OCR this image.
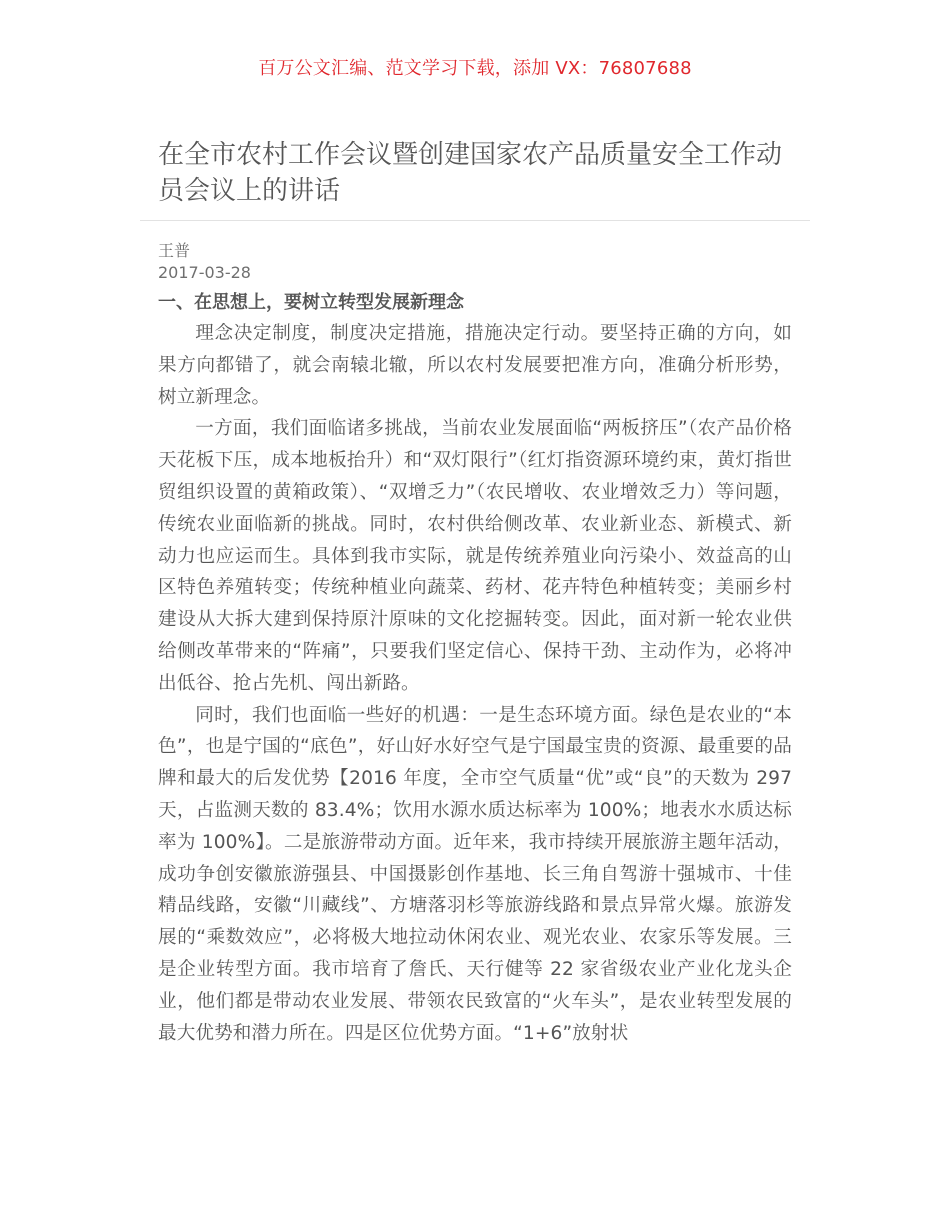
百万公文汇编、范文学习下载，添加 VX：76807688
在全市农村工作会议暨创建国家农产品质量安全工作动员会议上的讲话
王普
2017-03-28
一、在思想上，要树立转型发展新理念

理念决定制度，制度决定措施，措施决定行动。要坚持正确的方向，如果方向都错了，就会南辕北辙，所以农村发展要把准方向，准确分析形势，树立新理念。

一方面，我们面临诸多挑战，当前农业发展面临“两板挤压”（农产品价格天花板下压，成本地板抬升）和“双灯限行”（红灯指资源环境约束，黄灯指世贸组织设置的黄箱政策）、“双增乏力”（农民增收、农业增效乏力）等问题，传统农业面临新的挑战。同时，农村供给侧改革、农业新业态、新模式、新动力也应运而生。具体到我市实际，就是传统养殖业向污染小、效益高的山区特色养殖转变；传统种植业向蔬菜、药材、花卉特色种植转变；美丽乡村建设从大拆大建到保持原汁原味的文化挖掘转变。因此，面对新一轮农业供给侧改革带来的“阵痛”，只要我们坚定信心、保持干劲、主动作为，必将冲出低谷、抢占先机、闯出新路。

同时，我们也面临一些好的机遇：一是生态环境方面。绿色是农业的“本色”，也是宁国的“底色”，好山好水好空气是宁国最宝贵的资源、最重要的品牌和最大的后发优势【2016 年度，全市空气质量“优”或“良”的天数为 297 天，占监测天数的 83.4%；饮用水源水质达标率为 100%；地表水水质达标率为 100%】。二是旅游带动方面。近年来，我市持续开展旅游主题年活动，成功争创安徽旅游强县、中国摄影创作基地、长三角自驾游十强城市、十佳精品线路，安徽“川藏线”、方塘落羽杉等旅游线路和景点异常火爆。旅游发展的“乘数效应”，必将极大地拉动休闲农业、观光农业、农家乐等发展。三是企业转型方面。我市培育了詹氏、天行健等 22 家省级农业产业化龙头企业，他们都是带动农业发展、带领农民致富的“火车头”，是农业转型发展的最大优势和潜力所在。四是区位优势方面。“1+6”放射状
